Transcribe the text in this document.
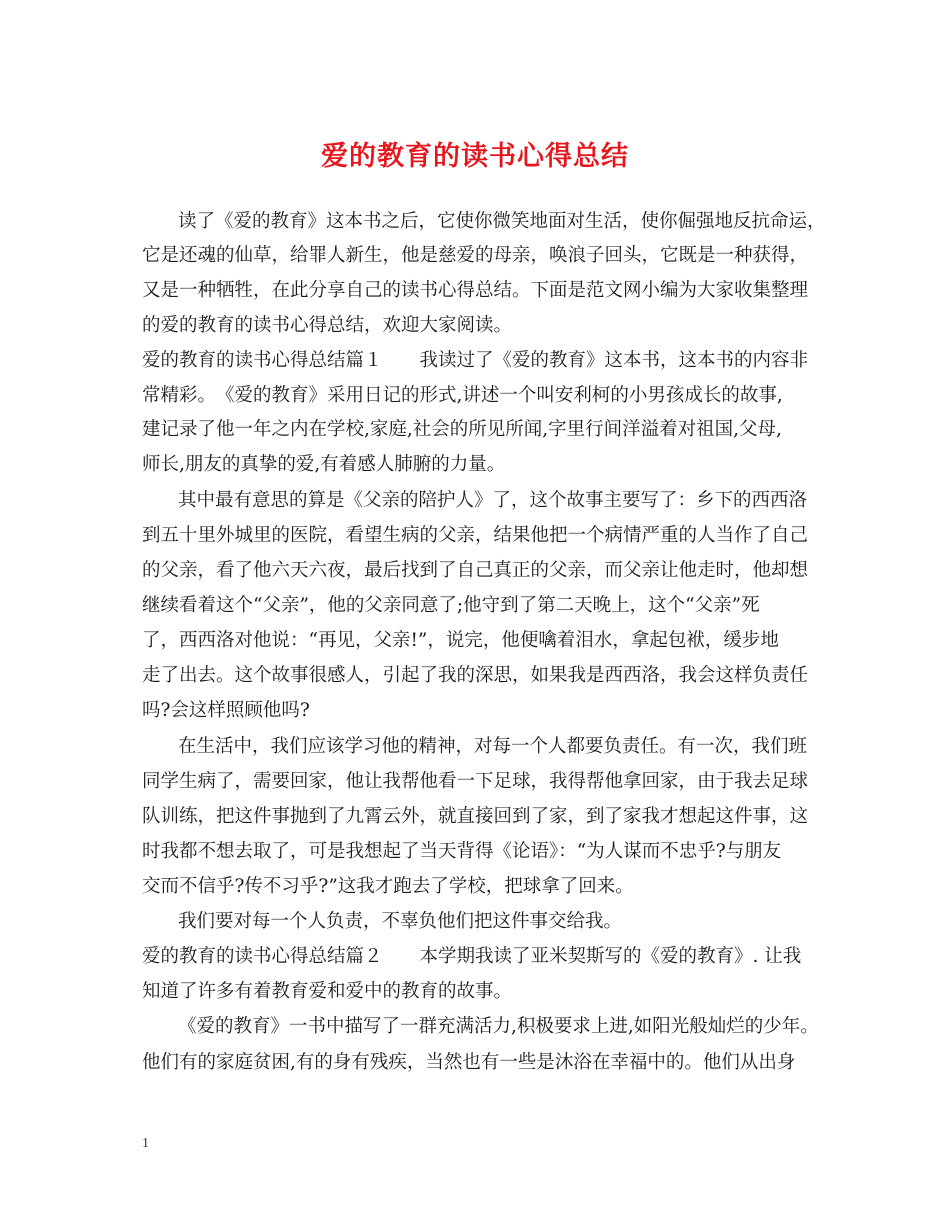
爱的教育的读书心得总结
读了《爱的教育》这本书之后，它使你微笑地面对生活，使你倔强地反抗命运，
它是还魂的仙草，给罪人新生，他是慈爱的母亲，唤浪子回头，它既是一种获得，
又是一种牺牲，在此分享自己的读书心得总结。下面是范文网小编为大家收集整理
的爱的教育的读书心得总结，欢迎大家阅读。
爱的教育的读书心得总结篇１　　我读过了《爱的教育》这本书，这本书的内容非
常精彩。　《爱的教育》采用日记的形式,讲述一个叫安利柯的小男孩成长的故事,
建记录了他一年之内在学校,家庭,社会的所见所闻,字里行间洋溢着对祖国,父母,
师长,朋友的真挚的爱,有着感人肺腑的力量。
其中最有意思的算是《父亲的陪护人》了，这个故事主要写了：乡下的西西洛
到五十里外城里的医院，看望生病的父亲，结果他把一个病情严重的人当作了自己
的父亲，看了他六天六夜，最后找到了自己真正的父亲，而父亲让他走时，他却想
继续看着这个“父亲”，他的父亲同意了;他守到了第二天晚上，这个“父亲”死
了，西西洛对他说：“再见，父亲!”，说完，他便噙着泪水，拿起包袱，缓步地
走了出去。这个故事很感人，引起了我的深思，如果我是西西洛，我会这样负责任
吗?会这样照顾他吗?
在生活中，我们应该学习他的精神，对每一个人都要负责任。有一次，我们班
同学生病了，需要回家，他让我帮他看一下足球，我得帮他拿回家，由于我去足球
队训练，把这件事抛到了九霄云外，就直接回到了家，到了家我才想起这件事，这
时我都不想去取了，可是我想起了当天背得《论语》：“为人谋而不忠乎?与朋友
交而不信乎?传不习乎?”这我才跑去了学校，把球拿了回来。
我们要对每一个人负责，不辜负他们把这件事交给我。
爱的教育的读书心得总结篇２　　本学期我读了亚米契斯写的《爱的教育》. 让我
知道了许多有着教育爱和爱中的教育的故事。
《爱的教育》一书中描写了一群充满活力,积极要求上进,如阳光般灿烂的少年。
他们有的家庭贫困,有的身有残疾，当然也有一些是沐浴在幸福中的。他们从出身
1
